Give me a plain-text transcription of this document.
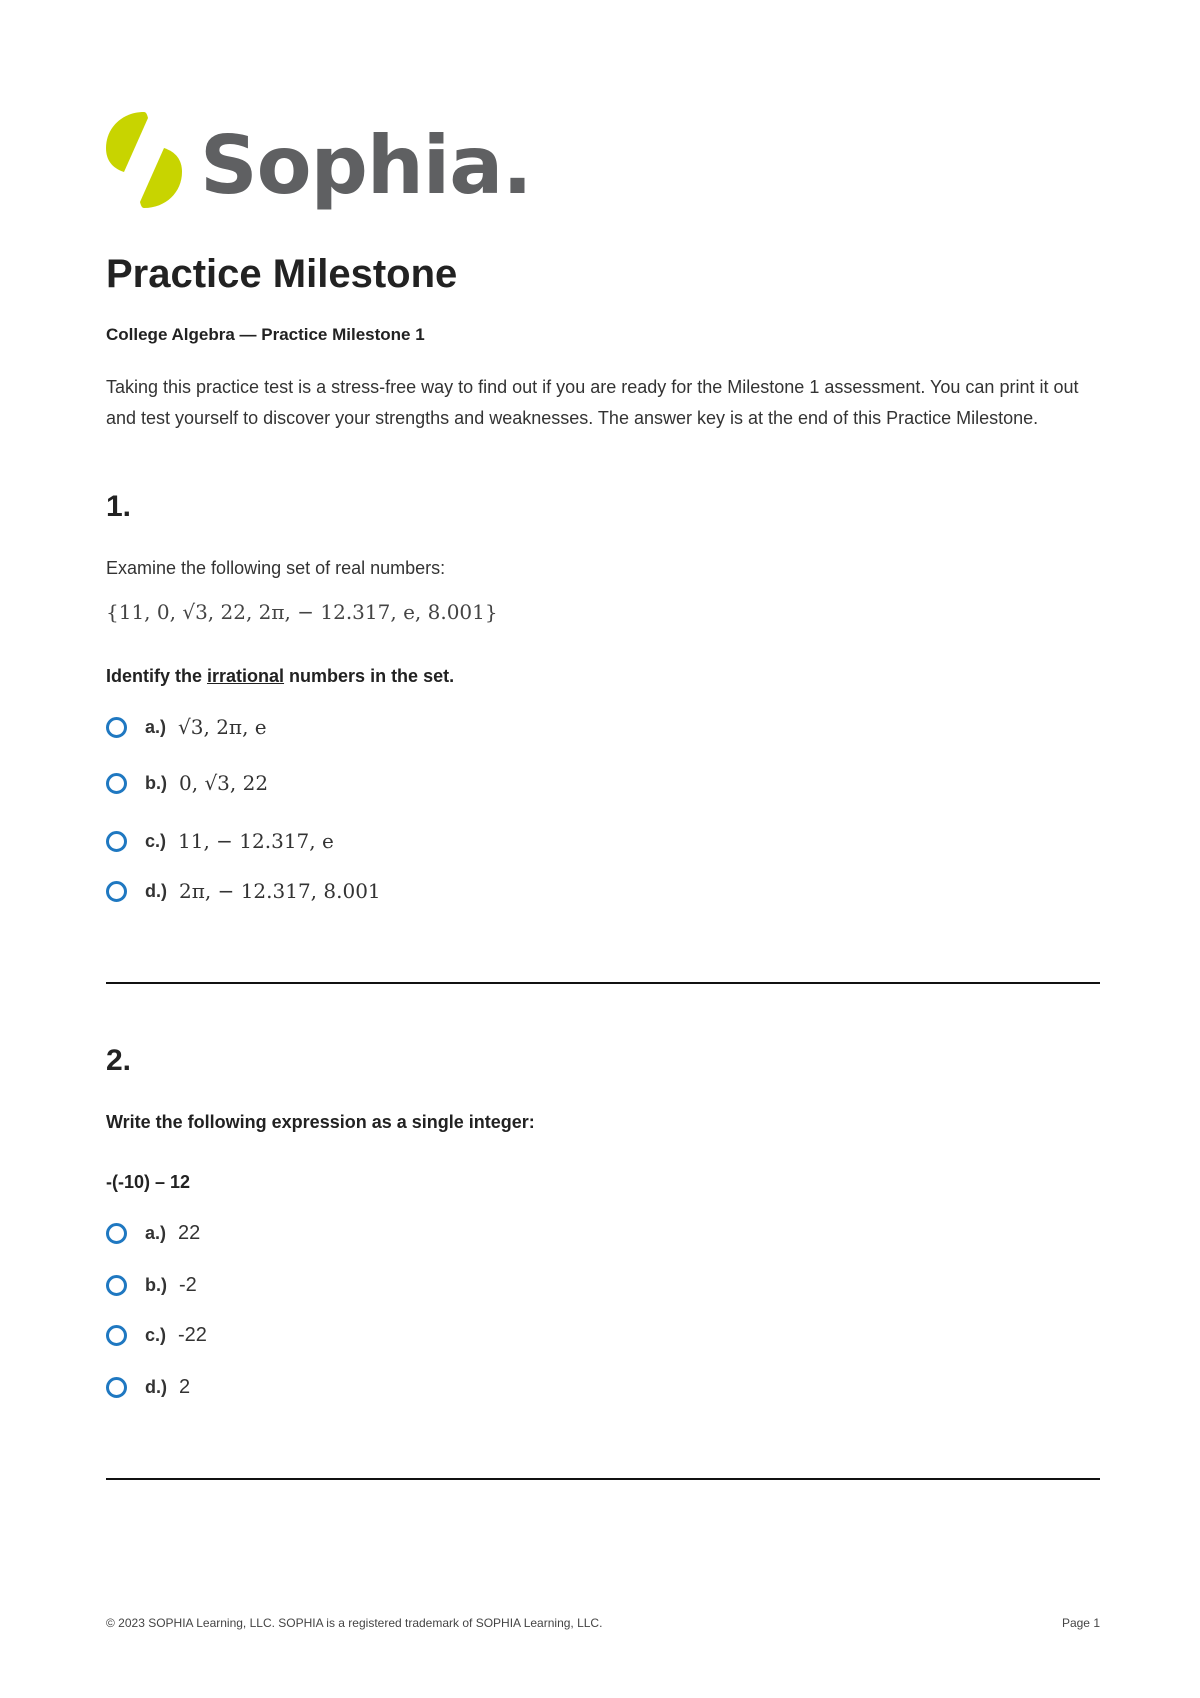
Sophia.
Practice Milestone
College Algebra — Practice Milestone 1

Taking this practice test is a stress-free way to find out if you are ready for the Milestone 1 assessment. You can print it out and test yourself to discover your strengths and weaknesses. The answer key is at the end of this Practice Milestone.

1.
Examine the following set of real numbers:
{11, 0, √3, 22, 2π, − 12.317, e, 8.001}
Identify the irrational numbers in the set.
a.) √3, 2π, e
b.) 0, √3, 22
c.) 11, − 12.317, e
d.) 2π, − 12.317, 8.001
2.
Write the following expression as a single integer:
-(-10) – 12
a.) 22
b.) -2
c.) -22
d.) 2
© 2023 SOPHIA Learning, LLC. SOPHIA is a registered trademark of SOPHIA Learning, LLC.	Page 1
